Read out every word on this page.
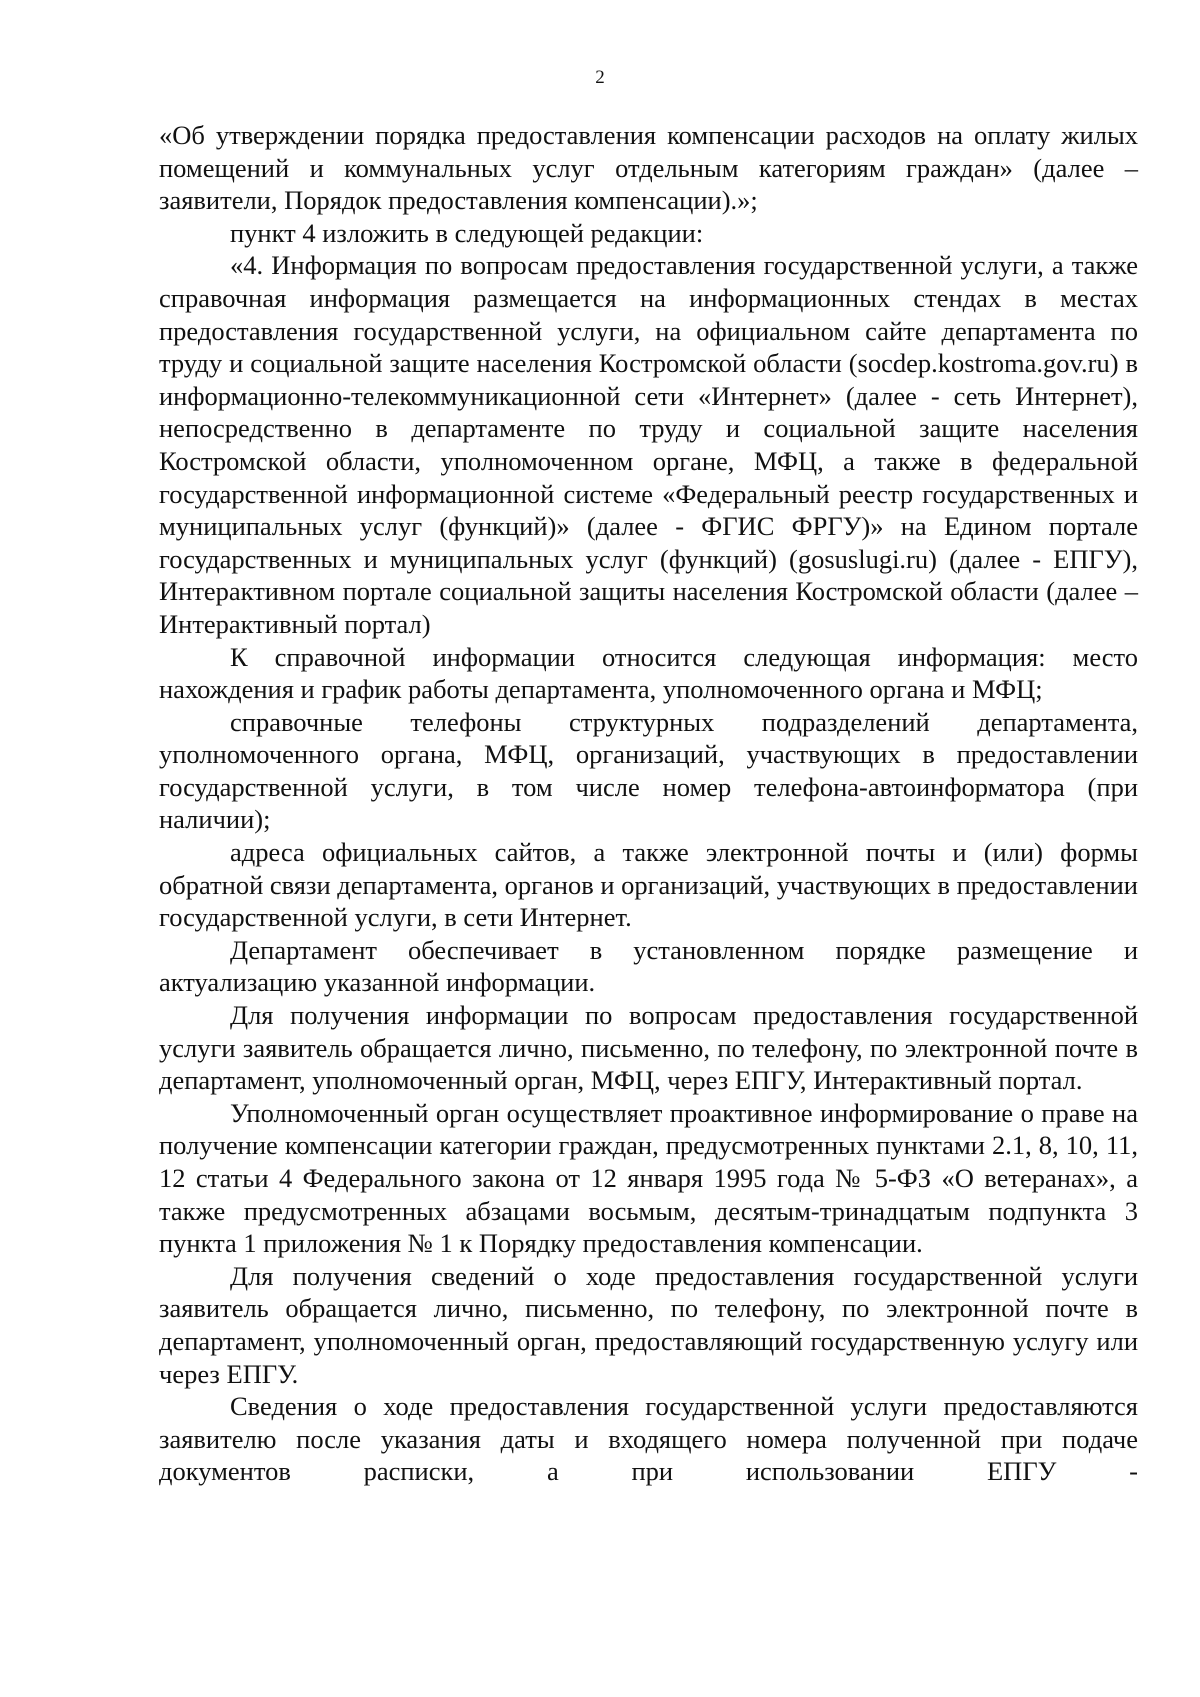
2

«Об утверждении порядка предоставления компенсации расходов на оплату жилых помещений и коммунальных услуг отдельным категориям граждан» (далее – заявители, Порядок предоставления компенсации).»;

пункт 4 изложить в следующей редакции:

«4. Информация по вопросам предоставления государственной услуги, а также справочная информация размещается на информационных стендах в местах предоставления государственной услуги, на официальном сайте департамента по труду и социальной защите населения Костромской области (socdep.kostroma.gov.ru) в информационно-телекоммуникационной сети «Интернет» (далее - сеть Интернет), непосредственно в департаменте по труду и социальной защите населения Костромской области, уполномоченном органе, МФЦ, а также в федеральной государственной информационной системе «Федеральный реестр государственных и муниципальных услуг (функций)» (далее - ФГИС ФРГУ)» на Едином портале государственных и муниципальных услуг (функций) (gosuslugi.ru) (далее - ЕПГУ), Интерактивном портале социальной защиты населения Костромской области (далее – Интерактивный портал)

К справочной информации относится следующая информация: место нахождения и график работы департамента, уполномоченного органа и МФЦ;

справочные телефоны структурных подразделений департамента, уполномоченного органа, МФЦ, организаций, участвующих в предоставлении государственной услуги, в том числе номер телефона-автоинформатора (при наличии);

адреса официальных сайтов, а также электронной почты и (или) формы обратной связи департамента, органов и организаций, участвующих в предоставлении государственной услуги, в сети Интернет.

Департамент обеспечивает в установленном порядке размещение и актуализацию указанной информации.

Для получения информации по вопросам предоставления государственной услуги заявитель обращается лично, письменно, по телефону, по электронной почте в департамент, уполномоченный орган, МФЦ, через ЕПГУ, Интерактивный портал.

Уполномоченный орган осуществляет проактивное информирование о праве на получение компенсации категории граждан, предусмотренных пунктами 2.1, 8, 10, 11, 12 статьи 4 Федерального закона от 12 января 1995 года № 5-ФЗ «О ветеранах», а также предусмотренных абзацами восьмым, десятым-тринадцатым подпункта 3 пункта 1 приложения № 1 к Порядку предоставления компенсации.

Для получения сведений о ходе предоставления государственной услуги заявитель обращается лично, письменно, по телефону, по электронной почте в департамент, уполномоченный орган, предоставляющий государственную услугу или через ЕПГУ.

Сведения о ходе предоставления государственной услуги предоставляются заявителю после указания даты и входящего номера полученной при подаче документов расписки, а при использовании ЕПГУ -
